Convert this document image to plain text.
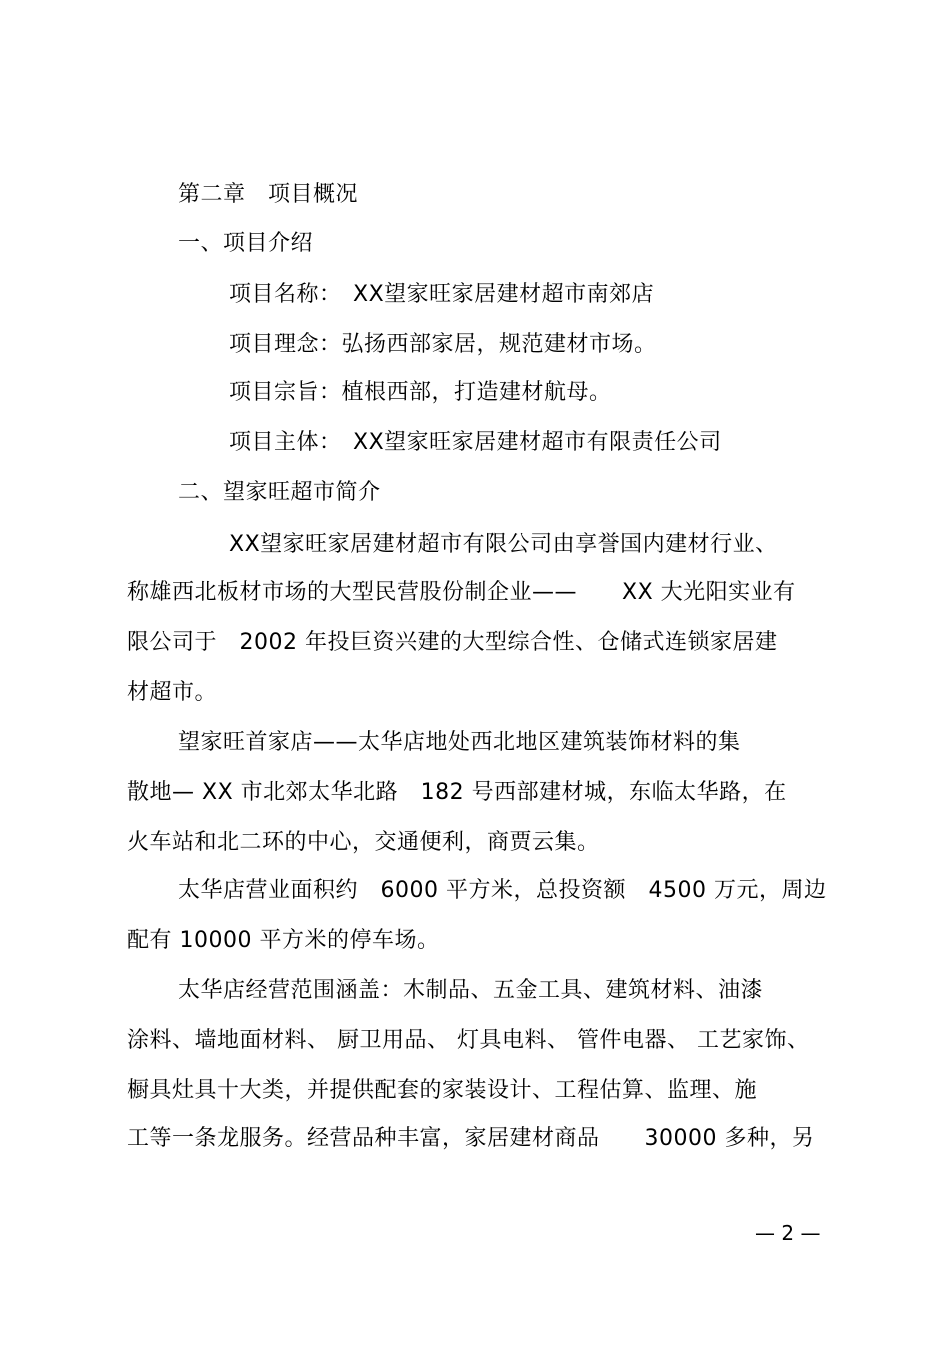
第二章　项目概况
一、项目介绍
项目名称：　XX望家旺家居建材超市南郊店
项目理念：弘扬西部家居，规范建材市场。
项目宗旨：植根西部，打造建材航母。
项目主体：　XX望家旺家居建材超市有限责任公司
二、望家旺超市简介
XX望家旺家居建材超市有限公司由享誉国内建材行业、
称雄西北板材市场的大型民营股份制企业——　　XX 大光阳实业有
限公司于　2002 年投巨资兴建的大型综合性、仓储式连锁家居建
材超市。
望家旺首家店——太华店地处西北地区建筑装饰材料的集
散地— XX 市北郊太华北路　182 号西部建材城，东临太华路，在
火车站和北二环的中心，交通便利，商贾云集。
太华店营业面积约　6000 平方米，总投资额　4500 万元，周边
配有 10000 平方米的停车场。
太华店经营范围涵盖：木制品、五金工具、建筑材料、油漆
涂料、墙地面材料、 厨卫用品、 灯具电料、 管件电器、 工艺家饰、
橱具灶具十大类，并提供配套的家装设计、工程估算、监理、施
工等一条龙服务。经营品种丰富，家居建材商品　　30000 多种，另
— 2 —
